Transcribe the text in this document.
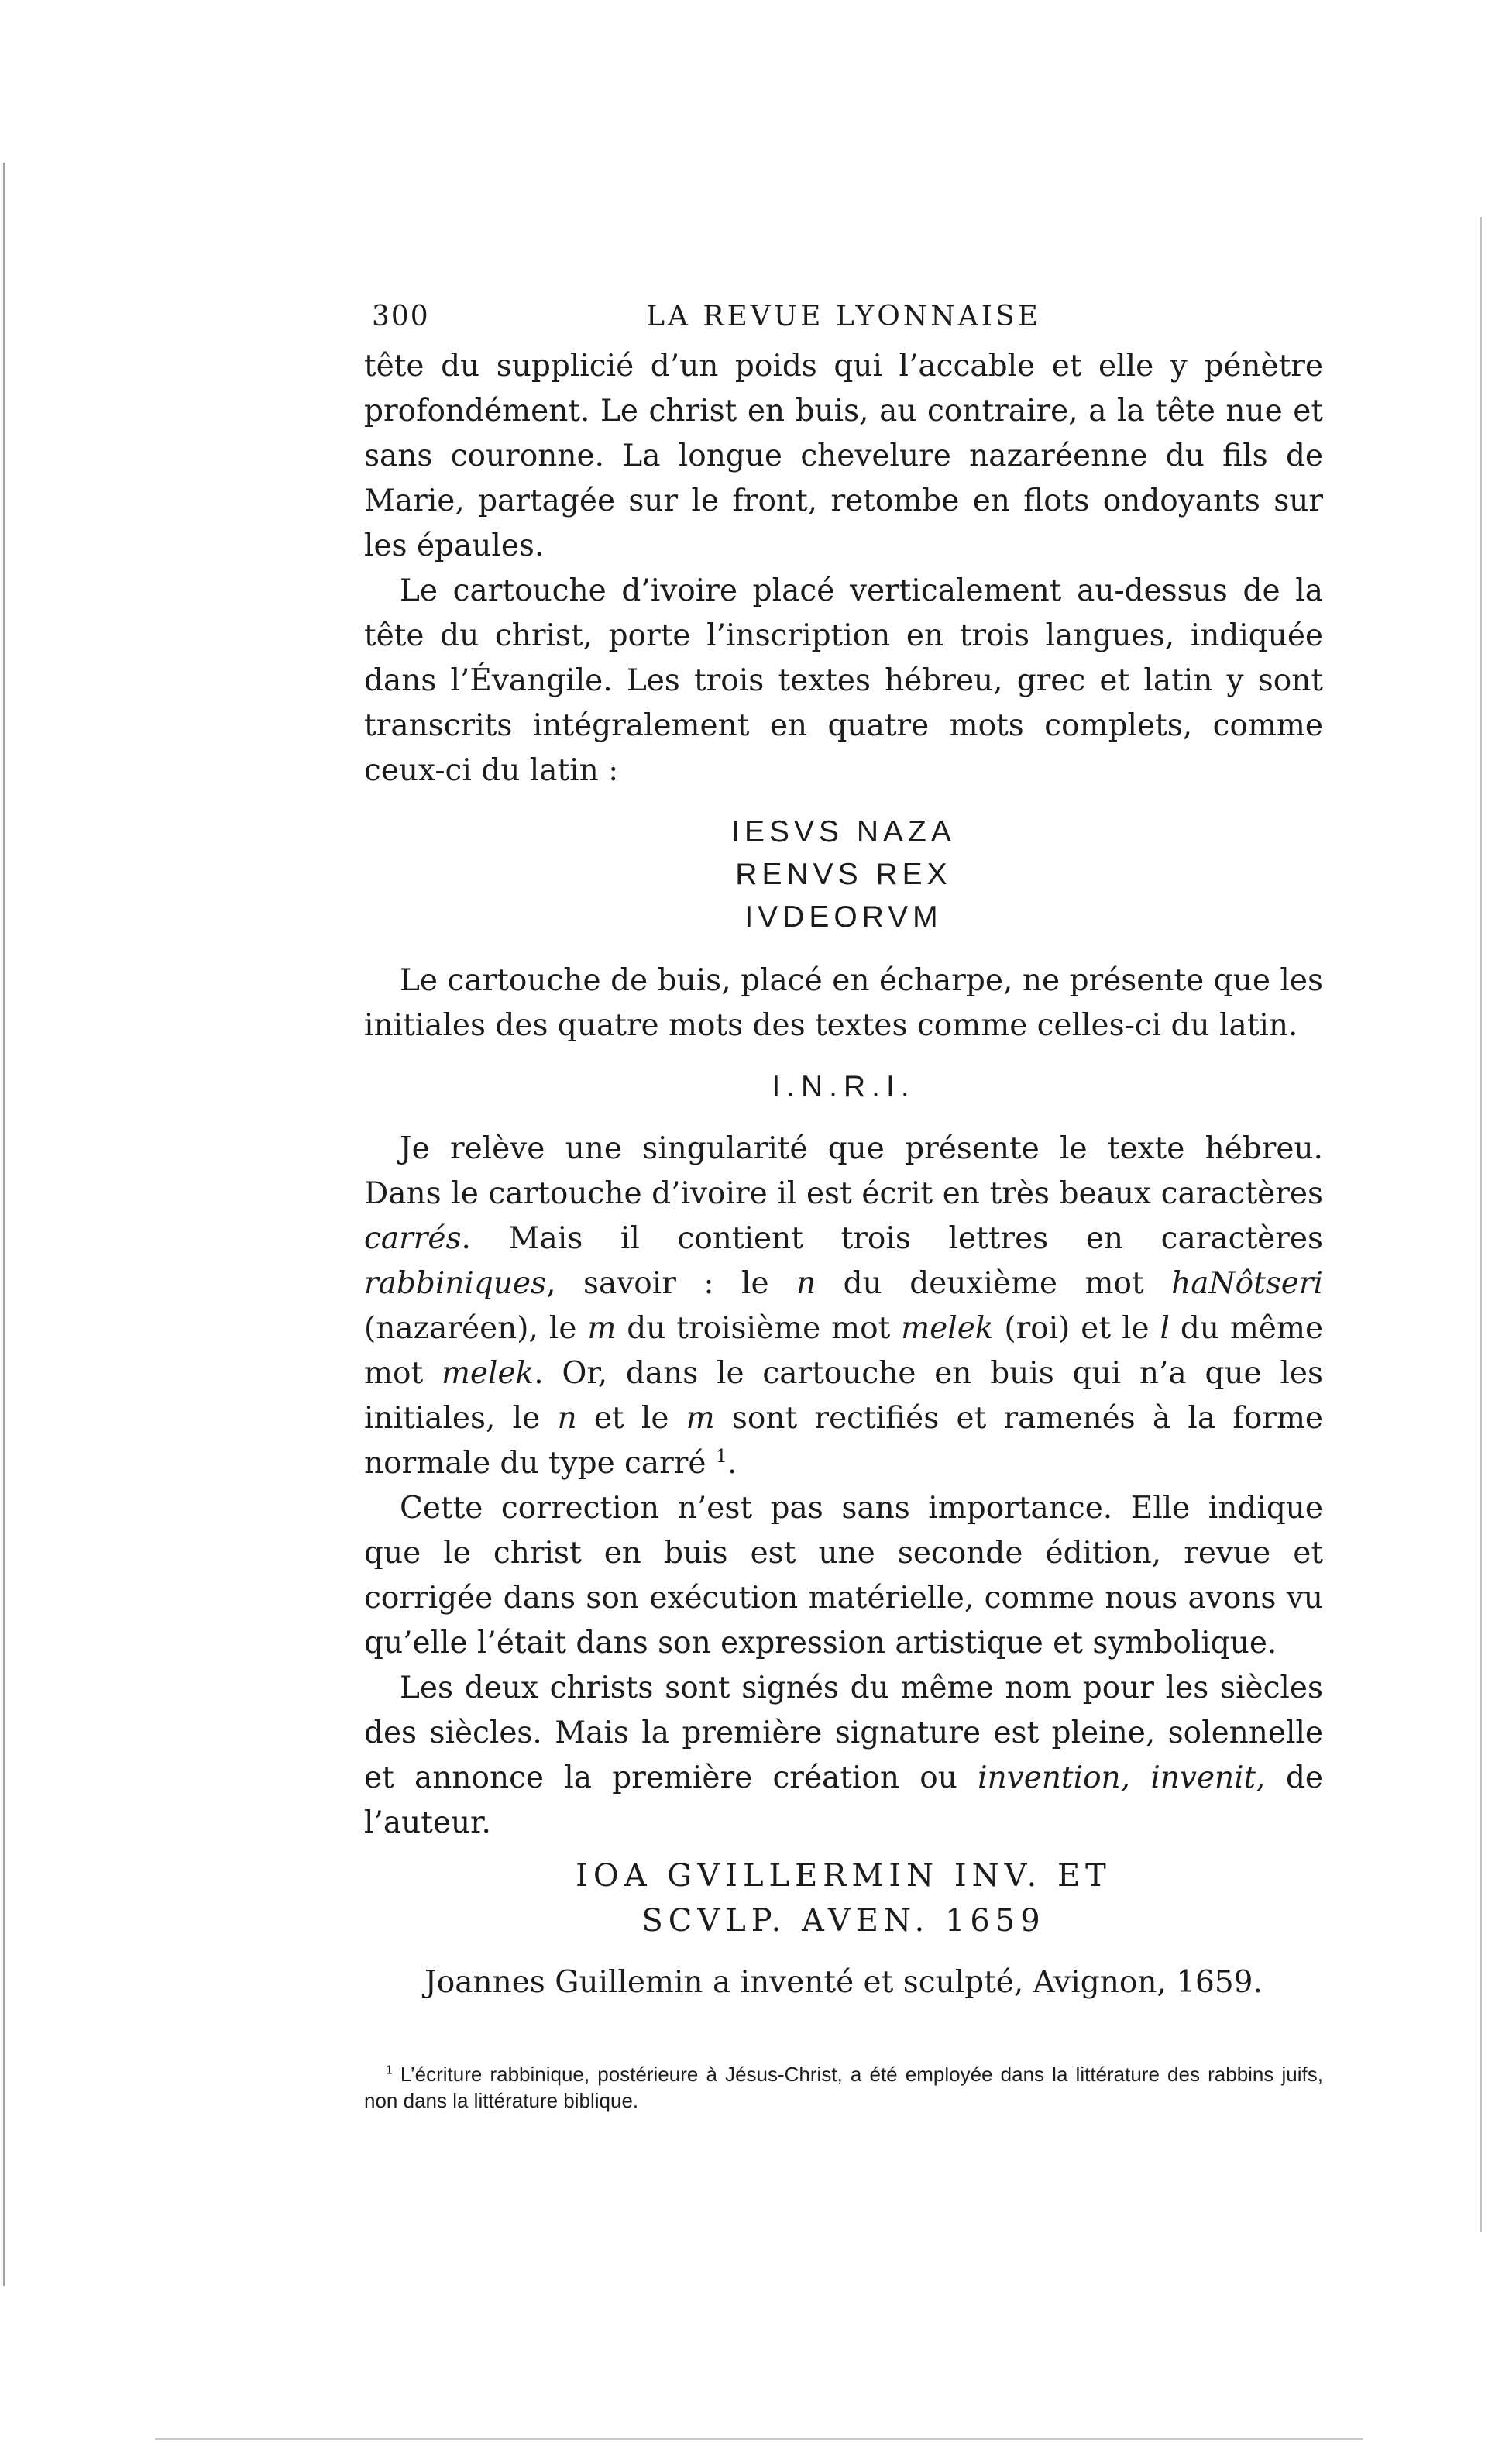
300	LA REVUE LYONNAISE

tête du supplicié d’un poids qui l’accable et elle y pénètre profondément. Le christ en buis, au contraire, a la tête nue et sans couronne. La longue chevelure nazaréenne du fils de Marie, partagée sur le front, retombe en flots ondoyants sur les épaules.

Le cartouche d’ivoire placé verticalement au-dessus de la tête du christ, porte l’inscription en trois langues, indiquée dans l’Évangile. Les trois textes hébreu, grec et latin y sont transcrits intégralement en quatre mots complets, comme ceux-ci du latin :

IESVS NAZA
RENVS REX
IVDEORVM

Le cartouche de buis, placé en écharpe, ne présente que les initiales des quatre mots des textes comme celles-ci du latin.

I.N.R.I.

Je relève une singularité que présente le texte hébreu. Dans le cartouche d’ivoire il est écrit en très beaux caractères carrés. Mais il contient trois lettres en caractères rabbiniques, savoir : le n du deuxième mot haNôtseri (nazaréen), le m du troisième mot melek (roi) et le l du même mot melek. Or, dans le cartouche en buis qui n’a que les initiales, le n et le m sont rectifiés et ramenés à la forme normale du type carré $^1$.

Cette correction n’est pas sans importance. Elle indique que le christ en buis est une seconde édition, revue et corrigée dans son exécution matérielle, comme nous avons vu qu’elle l’était dans son expression artistique et symbolique.

Les deux christs sont signés du même nom pour les siècles des siècles. Mais la première signature est pleine, solennelle et annonce la première création ou invention, invenit, de l’auteur.

IOA GVILLERMIN INV. ET
SCVLP. AVEN. 1659
Joannes Guillemin a inventé et sculpté, Avignon, 1659.
$^1$ L’écriture rabbinique, postérieure à Jésus-Christ, a été employée dans la littérature des rabbins juifs, non dans la littérature biblique.
